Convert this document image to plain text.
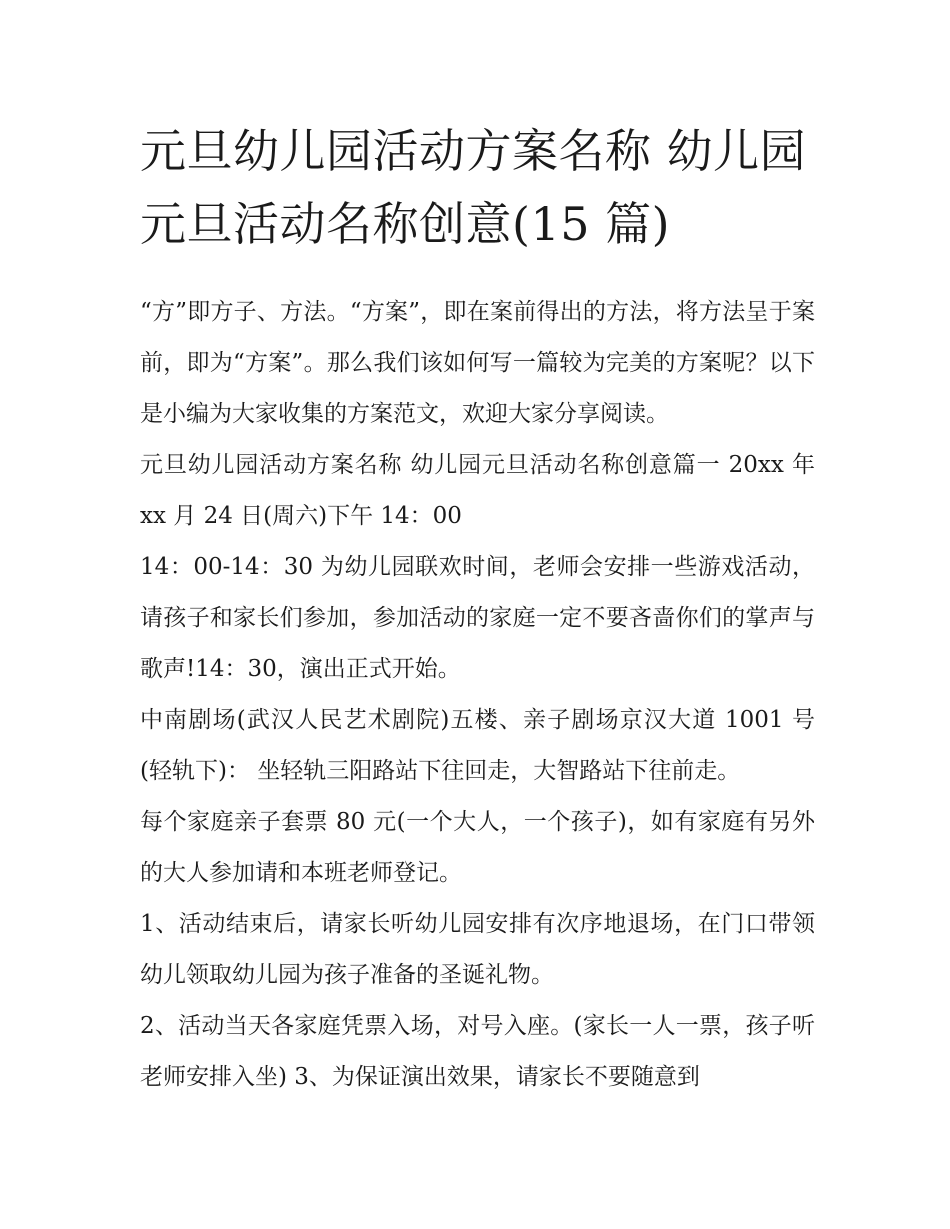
元旦幼儿园活动方案名称 幼儿园元旦活动名称创意(15 篇)

“方”即方子、方法。“方案”，即在案前得出的方法，将方法呈于案前，即为“方案”。那么我们该如何写一篇较为完美的方案呢？以下是小编为大家收集的方案范文，欢迎大家分享阅读。

元旦幼儿园活动方案名称 幼儿园元旦活动名称创意篇一 20xx 年 xx 月 24 日(周六)下午 14：00

14：00-14：30 为幼儿园联欢时间，老师会安排一些游戏活动，请孩子和家长们参加，参加活动的家庭一定不要吝啬你们的掌声与歌声!14：30，演出正式开始。

中南剧场(武汉人民艺术剧院)五楼、亲子剧场京汉大道 1001 号(轻轨下)： 坐轻轨三阳路站下往回走，大智路站下往前走。

每个家庭亲子套票 80 元(一个大人，一个孩子)，如有家庭有另外的大人参加请和本班老师登记。

1、活动结束后，请家长听幼儿园安排有次序地退场，在门口带领幼儿领取幼儿园为孩子准备的圣诞礼物。

2、活动当天各家庭凭票入场，对号入座。(家长一人一票，孩子听老师安排入坐) 3、为保证演出效果，请家长不要随意到
